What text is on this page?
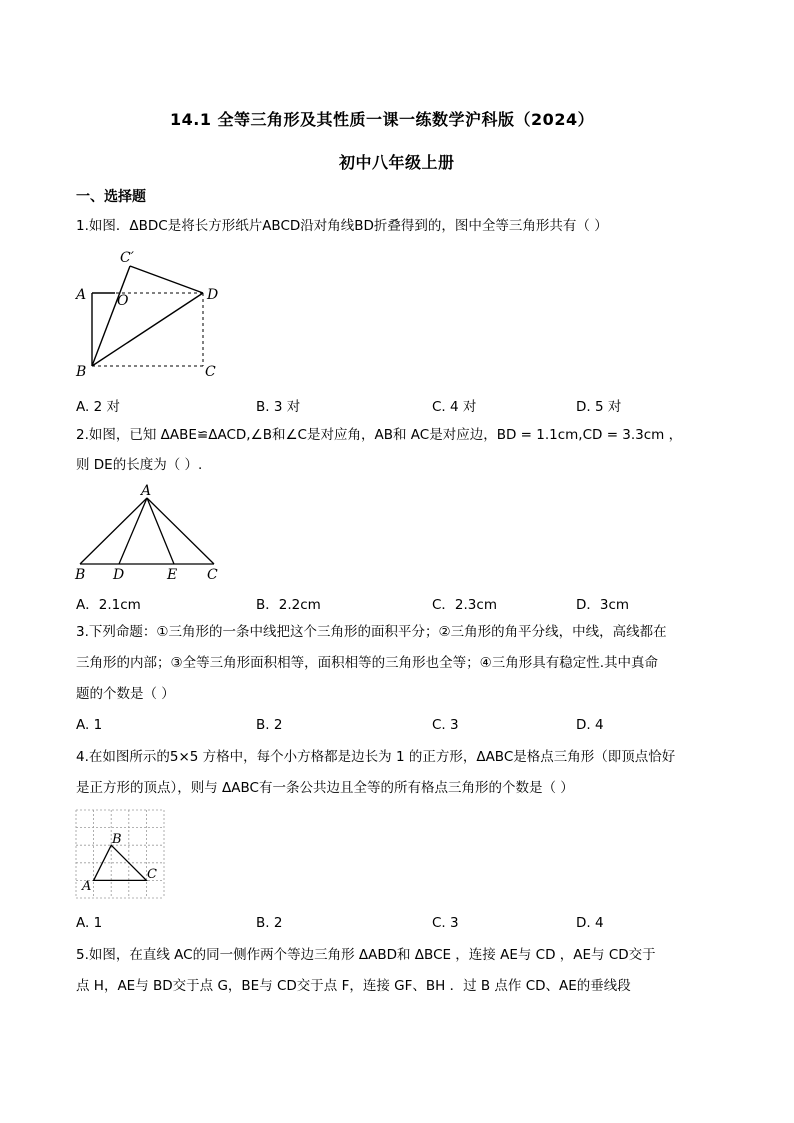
14.1 全等三角形及其性质一课一练数学沪科版（2024）
初中八年级上册
一、选择题
1.如图．ΔBDC是将长方形纸片ABCD沿对角线BD折叠得到的，图中全等三角形共有（ ）
C′
A O	D
B	C
A. 2 对	B. 3 对	C. 4 对	D. 5 对
2.如图，已知 ΔABE≌ΔACD,∠B和∠C是对应角，AB和 AC是对应边，BD = 1.1cm,CD = 3.3cm ，
则 DE的长度为（ ）.
A
B D	E C
A．2.1cm	B．2.2cm	C．2.3cm	D．3cm
3.下列命题：①三角形的一条中线把这个三角形的面积平分；②三角形的角平分线，中线，高线都在
三角形的内部；③全等三角形面积相等，面积相等的三角形也全等；④三角形具有稳定性.其中真命
题的个数是（ ）
A. 1	B. 2	C. 3	D. 4
4.在如图所示的5×5 方格中，每个小方格都是边长为 1 的正方形，ΔABC是格点三角形（即顶点恰好
是正方形的顶点），则与 ΔABC有一条公共边且全等的所有格点三角形的个数是（ ）
A
B
C
A. 1	B. 2	C. 3	D. 4
5.如图，在直线 AC的同一侧作两个等边三角形 ΔABD和 ΔBCE ，连接 AE与 CD ，AE与 CD交于
点 H，AE与 BD交于点 G，BE与 CD交于点 F，连接 GF、BH ．过 B 点作 CD、AE的垂线段
